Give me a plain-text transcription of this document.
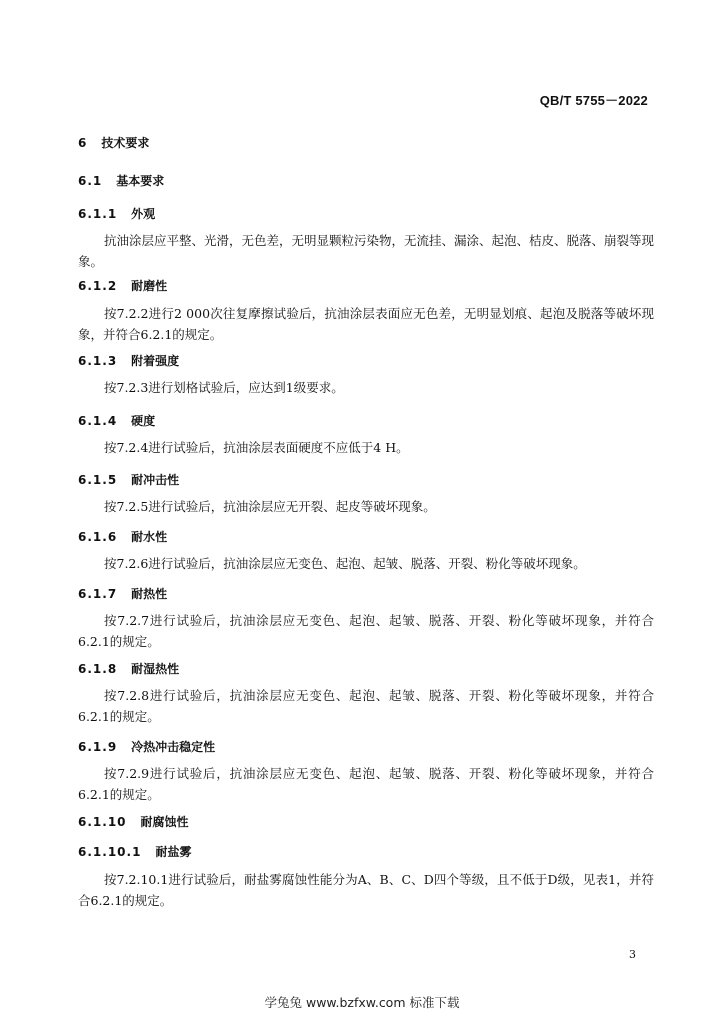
QB/T 5755－2022
6 技术要求
6.1 基本要求
6.1.1 外观
抗油涂层应平整、光滑，无色差，无明显颗粒污染物，无流挂、漏涂、起泡、桔皮、脱落、崩裂等现象。
6.1.2 耐磨性
按7.2.2进行2 000次往复摩擦试验后，抗油涂层表面应无色差，无明显划痕、起泡及脱落等破坏现象，并符合6.2.1的规定。
6.1.3 附着强度
按7.2.3进行划格试验后，应达到1级要求。
6.1.4 硬度
按7.2.4进行试验后，抗油涂层表面硬度不应低于4 H。
6.1.5 耐冲击性
按7.2.5进行试验后，抗油涂层应无开裂、起皮等破坏现象。
6.1.6 耐水性
按7.2.6进行试验后，抗油涂层应无变色、起泡、起皱、脱落、开裂、粉化等破坏现象。
6.1.7 耐热性
按7.2.7进行试验后，抗油涂层应无变色、起泡、起皱、脱落、开裂、粉化等破坏现象，并符合6.2.1的规定。
6.1.8 耐湿热性
按7.2.8进行试验后，抗油涂层应无变色、起泡、起皱、脱落、开裂、粉化等破坏现象，并符合6.2.1的规定。
6.1.9 冷热冲击稳定性
按7.2.9进行试验后，抗油涂层应无变色、起泡、起皱、脱落、开裂、粉化等破坏现象，并符合6.2.1的规定。
6.1.10 耐腐蚀性
6.1.10.1 耐盐雾
按7.2.10.1进行试验后，耐盐雾腐蚀性能分为A、B、C、D四个等级，且不低于D级，见表1，并符合6.2.1的规定。
3
学兔兔 www.bzfxw.com 标准下载
